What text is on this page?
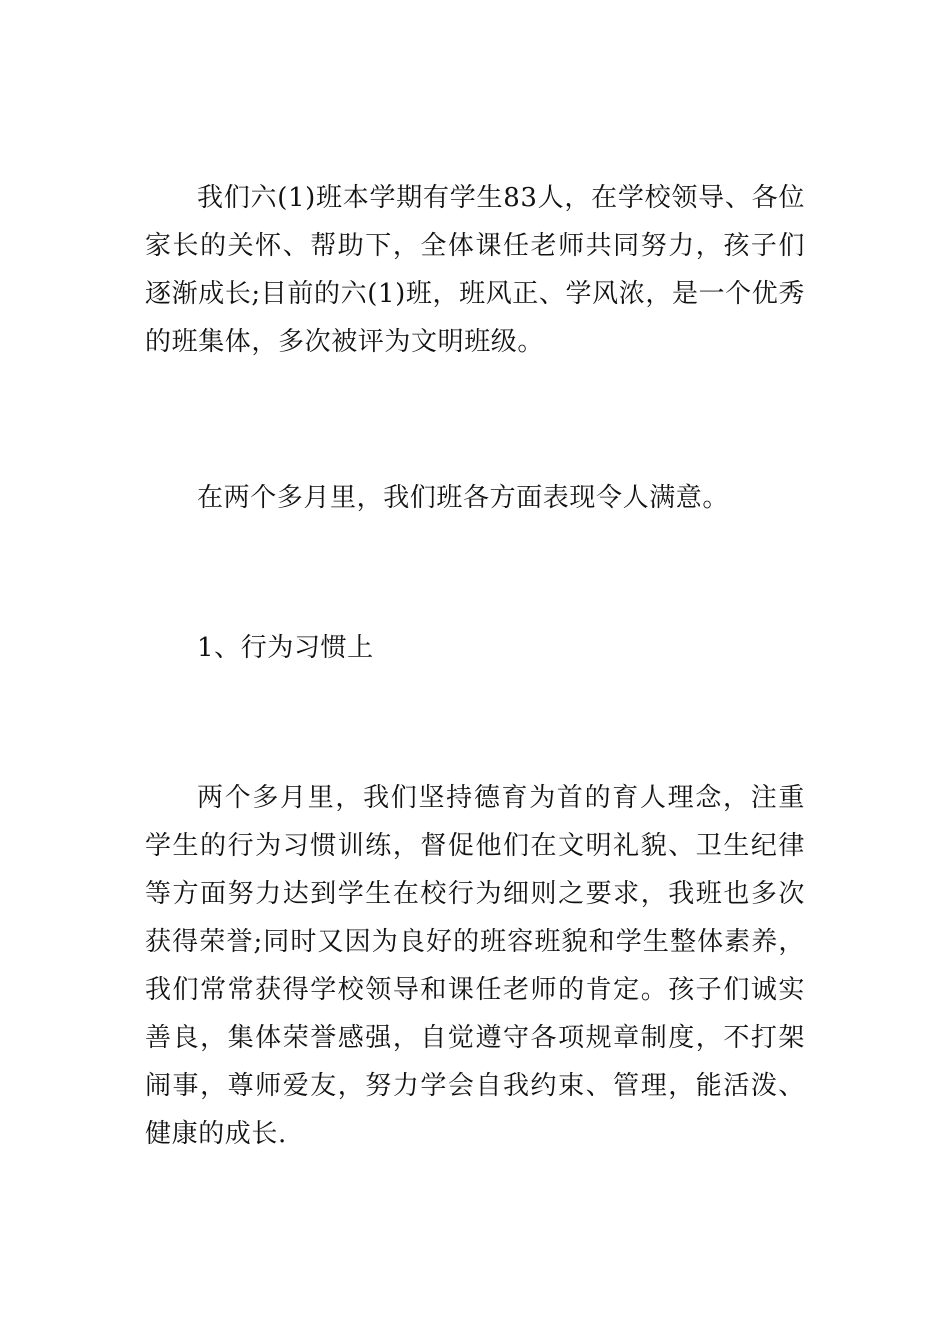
我们六(1)班本学期有学生83人，在学校领导、各位家长的关怀、帮助下，全体课任老师共同努力，孩子们逐渐成长;目前的六(1)班，班风正、学风浓，是一个优秀的班集体，多次被评为文明班级。

在两个多月里，我们班各方面表现令人满意。

1、行为习惯上

两个多月里，我们坚持德育为首的育人理念，注重学生的行为习惯训练，督促他们在文明礼貌、卫生纪律等方面努力达到学生在校行为细则之要求，我班也多次获得荣誉;同时又因为良好的班容班貌和学生整体素养，我们常常获得学校领导和课任老师的肯定。孩子们诚实善良，集体荣誉感强，自觉遵守各项规章制度，不打架闹事，尊师爱友，努力学会自我约束、管理，能活泼、健康的成长.
